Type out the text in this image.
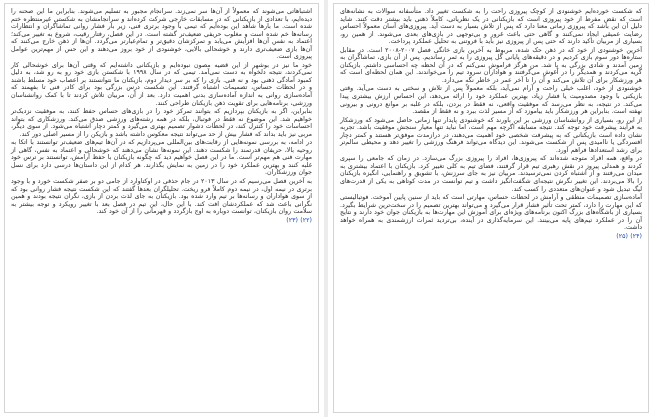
اشتباهاتی می‌شوند که معمولاً از آن‌ها سر نمی‌زند. سرانجام مجبور به تسلیم می‌شوند. بنابراین ما این صحنه را دیده‌ایم، با تعدادی از بازیکنانی که در مسابقات خارجی شرکت کرده‌اند و سرانجامشان به شکستی غیرمنتظره ختم شده است. ما بارها شاهد این بوده‌ایم که تیمی با وجود برتری فنی، زیر بار فشار روانی تماشاگران و انتظارات رسانه‌ها خم شده است و مغلوب حریفی ضعیف‌تر گشته است. در این فصل، رفتار رقیب، شروع به تغییر می‌کند؛ اعتماد به نفس آن‌ها افزایش می‌یابد و تمرکزشان دقیق‌تر و تمام‌عیارتر می‌گردد. آن‌ها از ذهن خارج می‌کنند که آن‌ها بازی ضعیف‌تری دارند و خوشحالی بالایی، خوشنودی از خود بروز می‌دهند و این حس از مهم‌ترین عوامل پیروزی است.

خود ما نیز در بوشهر از این قضیه مصون نبوده‌ایم و بازیکنانی داشته‌ایم که وقتی آن‌ها برای خوشحالی کار نمی‌کردند، نتیجه دلخواه به دست نمی‌آمد. تیمی که در سال ۱۹۹۸ با شکستن بازی خود رو به رو شد، به دلیل کمبود آمادگی ذهنی بود و نه فنی. بازی را که بر سر دیدار دوم، بازیکنان ما نتوانستند بر اعصاب خود مسلط باشند و در لحظات حساس، تصمیمات اشتباه گرفتند. این شکست درس بزرگی بود برای کادر فنی تا بفهمند که آماده‌سازی روانی به اندازه آماده‌سازی بدنی اهمیت دارد. بعد از آن، مربیان تلاش کردند تا با کمک روانشناسان ورزشی، برنامه‌هایی برای تقویت ذهن بازیکنان طراحی کنند.

بنابراین، اگر به بازیکنان بپردازیم که بتوانند تمرکز خود را در بازی‌های حساس حفظ کنند، به موفقیت نزدیک‌تر خواهیم شد. این موضوع نه فقط در فوتبال، بلکه در همه رشته‌های ورزشی صدق می‌کند. ورزشکاری که بتواند احساسات خود را کنترل کند، در لحظات دشوار تصمیم بهتری می‌گیرد و کمتر دچار اشتباه می‌شود. از سوی دیگر، مربی نیز باید بداند که فشار بیش از حد می‌تواند نتیجه معکوس داشته باشد و بازیکن را از مسیر اصلی دور کند.

در ادامه، به بررسی نمونه‌هایی از رقابت‌های بین‌المللی می‌پردازیم که در آن‌ها تیم‌های ضعیف‌تر توانستند با اتکا به روحیه بالا، حریفان قدرتمند را شکست دهند. این نمونه‌ها نشان می‌دهند که خوشحالی و اعتماد به نفس، گاهی از مهارت فنی هم مهم‌تر است. ما در این فصل خواهیم دید که چگونه بازیکنان با حفظ آرامش، توانستند بر ترس خود غلبه کنند و بهترین عملکرد خود را در زمین به نمایش بگذارند. هر کدام از این داستان‌ها درسی دارد برای نسل جوان ورزشکاران.

به آخرین فصل می‌رسیم که در سال ۲۰۱۳ در جام حذفی در اوکتاوارد از جامی دو بر صفر شکست خورد و با وجود برتری در نیمه اول، در نیمه دوم کاملاً فرو ریخت. تحلیلگران بعدها گفتند که این شکست نتیجه فشار روانی بود که از سوی هواداران و رسانه‌ها بر تیم وارد شده بود. بازیکنان به جای لذت بردن از بازی، نگران نتیجه بودند و همین نگرانی باعث شد که عملکردشان افت کند. با این حال، این تیم در فصل بعد با تغییر رویکرد و توجه بیشتر به سلامت روان بازیکنان، توانست دوباره به اوج بازگردد و قهرمانی را از آن خود کند.

(۲۲) (۲۳)

که شکست خورده‌ایم خوشنودی از کوچک پیروزی راحت را به شکست تغییر داد. متأسفانه سوالات به نشانه‌های است که نقض مفرط از خود پیروزی است که بازیکنانی در یک نظریاتی، کاملاً ذهنی باید بیشتر دقت کنند. شاید دلیل آن این باشد که پیروزی زمانی معنا دارد که پس از تلاش بسیار به دست آید. پیروزی‌های آسان معمولاً احساس رضایت عمیقی ایجاد نمی‌کنند و گاهی حتی باعث غرور و بی‌توجهی در بازی‌های بعدی می‌شوند. از همین رو، بسیاری از مربیان تأکید دارند که حتی پس از پیروزی نیز باید با فروتنی به تحلیل عملکرد پرداخت.

آخرین خوشنودی از خود که در ذهن حک شده، مربوط به آخرین بازی خانگی فصل ۲۰۰۷-۲۰۰۸ است. در مقابل ستاره‌ها دور سوم بازی کردیم و در دقیقه‌های پایانی گل پیروزی را به ثمر رساندیم. پس از آن بازی، تماشاگران به زمین آمدند و شادی بزرگی به پا شد. من هرگز فراموش نمی‌کنم که در آن لحظه چه احساسی داشتم. بازیکنان گریه می‌کردند و همدیگر را در آغوش می‌گرفتند و هواداران سرود تیم را می‌خواندند. این همان لحظه‌ای است که هر ورزشکار برای آن تلاش می‌کند و آن را تا آخر عمر در خاطر نگه می‌دارد.

خوشنودی از خود، اغلب خیلی راحت و آرام نمی‌آید، بلکه معمولاً پس از تلاش و سختی به دست می‌آید. وقتی بازیکنی با وجود مصدومیت یا فشار زیاد، بهترین عملکرد خود را ارائه می‌دهد، این احساس ارزش بیشتری پیدا می‌کند. در نتیجه، به نظر می‌رسد که موفقیت واقعی، نه فقط در بردن، بلکه در غلبه بر موانع درونی و بیرونی نهفته است. بنابراین هر ورزشکار باید بیاموزد که از مسیر لذت ببرد و نه فقط از مقصد.

از این رو، بسیاری از روانشناسان ورزشی بر این باورند که خوشنودی پایدار تنها زمانی حاصل می‌شود که ورزشکار به فرآیند پیشرفت خود توجه کند. نتیجه مسابقه اگرچه مهم است، اما نباید تنها معیار سنجش موفقیت باشد. تجربه نشان داده است بازیکنانی که به پیشرفت شخصی خود اهمیت می‌دهند، در درازمدت موفق‌تر هستند و کمتر دچار افسردگی یا ناامیدی پس از شکست می‌شوند. این دیدگاه می‌تواند فرهنگ ورزشی را تغییر دهد و محیطی سالم‌تر برای رشد استعدادها فراهم آورد.

در واقع، همه افراد متوجه شده‌اند که پیروزی‌ها، افراد را پیروزی بزرگ می‌سازد. در زمان که جامعی را سپری کردند و همدلی پیروز در نقش رهبری تیم قرار گرفتند، فضای تیم به کلی تغییر کرد. بازیکنان با اعتماد بیشتری به میدان می‌رفتند و از اشتباه کردن نمی‌ترسیدند. مربیان نیز به جای سرزنش، با تشویق و راهنمایی، انگیزه بازیکنان را بالا می‌بردند. این تغییر نگرش نتیجه‌ای شگفت‌انگیز داشت و تیم توانست در مدت کوتاهی به یکی از قدرت‌های لیگ تبدیل شود و عنوان‌های متعددی را کسب کند.

آماده‌سازی تصمیمات منطقی و آرامش در لحظات حساس، مهارتی است که باید از سنین پایین آموخت. فوتبالیستی که این مهارت را دارد، کمتر تحت تأثیر فشار قرار می‌گیرد و می‌تواند بهترین تصمیم را در سخت‌ترین شرایط بگیرد. بسیاری از باشگاه‌های بزرگ اکنون برنامه‌های ویژه‌ای برای آموزش این مهارت‌ها به بازیکنان جوان خود دارند و نتایج آن را در عملکرد تیم‌های پایه می‌بینند. این سرمایه‌گذاری در آینده، بی‌تردید ثمرات ارزشمندی به همراه خواهد داشت.

(۲۴) (۲۵)
